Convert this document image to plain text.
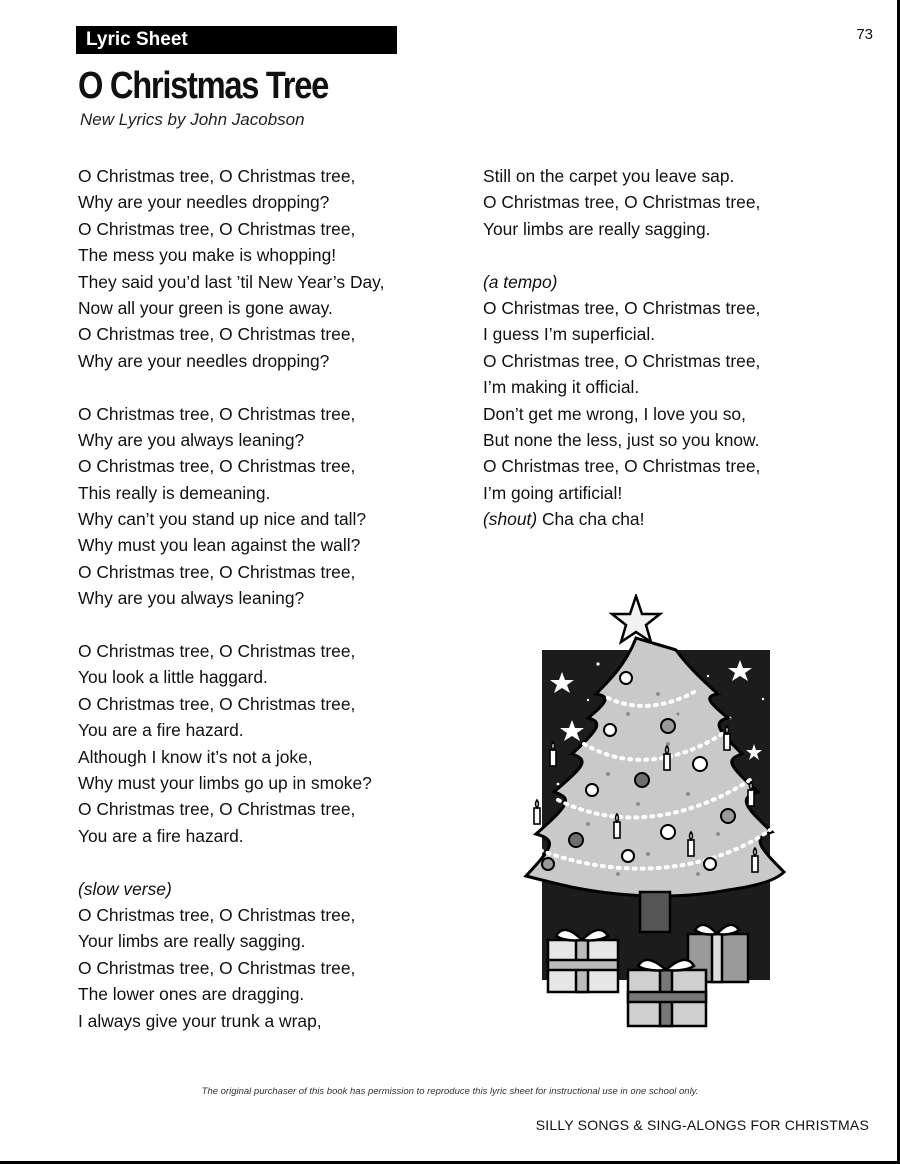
Lyric Sheet	73
O Christmas Tree
New Lyrics by John Jacobson
O Christmas tree, O Christmas tree,
Why are your needles dropping?
O Christmas tree, O Christmas tree,
The mess you make is whopping!
They said you’d last ’til New Year’s Day,
Now all your green is gone away.
O Christmas tree, O Christmas tree,
Why are your needles dropping?
O Christmas tree, O Christmas tree,
Why are you always leaning?
O Christmas tree, O Christmas tree,
This really is demeaning.
Why can’t you stand up nice and tall?
Why must you lean against the wall?
O Christmas tree, O Christmas tree,
Why are you always leaning?
O Christmas tree, O Christmas tree,
You look a little haggard.
O Christmas tree, O Christmas tree,
You are a fire hazard.
Although I know it’s not a joke,
Why must your limbs go up in smoke?
O Christmas tree, O Christmas tree,
You are a fire hazard.
(slow verse)
O Christmas tree, O Christmas tree,
Your limbs are really sagging.
O Christmas tree, O Christmas tree,
The lower ones are dragging.
I always give your trunk a wrap,
Still on the carpet you leave sap.
O Christmas tree, O Christmas tree,
Your limbs are really sagging.
(a tempo)
O Christmas tree, O Christmas tree,
I guess I’m superficial.
O Christmas tree, O Christmas tree,
I’m making it official.
Don’t get me wrong, I love you so,
But none the less, just so you know.
O Christmas tree, O Christmas tree,
I’m going artificial!
(shout) Cha cha cha!
The original purchaser of this book has permission to reproduce this lyric sheet for instructional use in one school only.
SILLY SONGS & SING-ALONGS FOR CHRISTMAS
